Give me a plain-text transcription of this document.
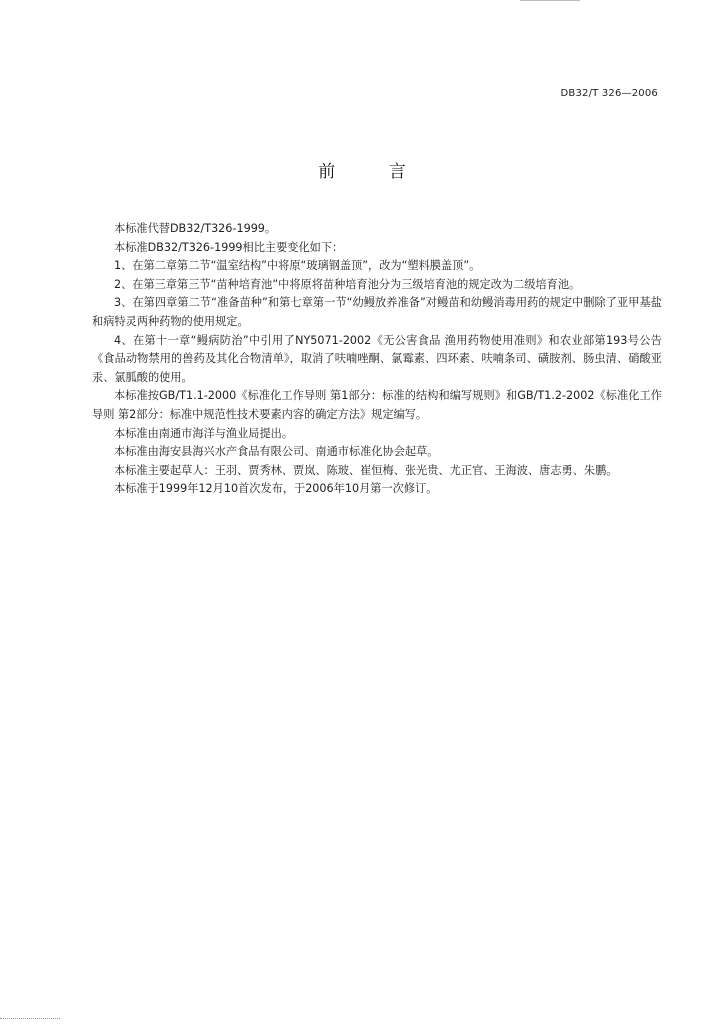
DB32/T 326—2006
前 言

本标准代替DB32/T326-1999。

本标准DB32/T326-1999相比主要变化如下：

1、在第二章第二节“温室结构”中将原“玻璃钢盖顶”，改为“塑料膜盖顶”。

2、在第三章第三节“苗种培育池”中将原将苗种培育池分为三级培育池的规定改为二级培育池。

3、在第四章第二节“准备苗种”和第七章第一节“幼鳗放养准备”对鳗苗和幼鳗消毒用药的规定中删除了亚甲基盐和病特灵两种药物的使用规定。

4、在第十一章“鳗病防治”中引用了NY5071-2002《无公害食品 渔用药物使用准则》和农业部第193号公告《食品动物禁用的兽药及其化合物清单》，取消了呋喃唑酮、氯霉素、四环素、呋喃条司、磺胺剂、肠虫清、硝酸亚汞、氯胍酸的使用。

本标准按GB/T1.1-2000《标准化工作导则 第1部分：标准的结构和编写规则》和GB/T1.2-2002《标准化工作导则 第2部分：标准中规范性技术要素内容的确定方法》规定编写。

本标准由南通市海洋与渔业局提出。

本标准由海安县海兴水产食品有限公司、南通市标准化协会起草。

本标准主要起草人：王羽、贾秀林、贾岚、陈玻、崔恒梅、张光贵、尤正官、王海波、唐志勇、朱鹏。

本标准于1999年12月10首次发布，于2006年10月第一次修订。
